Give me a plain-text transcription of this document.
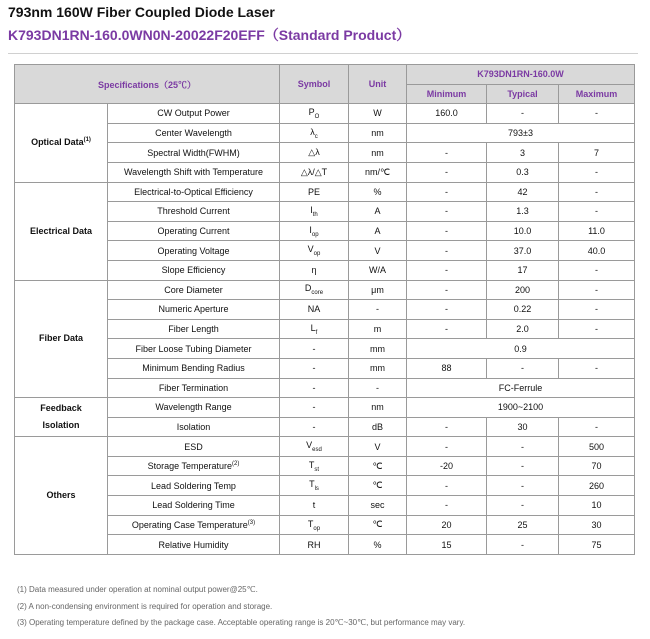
793nm 160W Fiber Coupled Diode Laser
K793DN1RN-160.0WN0N-20022F20EFF（Standard Product）
Specifications（25℃）		Symbol	Unit	K793DN1RN-160.0W		
				Minimum	Typical	Maximum
Optical Data$^{(1)}$	CW Output Power	$P_O$	W	160.0	-	-
	Center Wavelength	$\lambda_c$	nm	793±3		
	Spectral Width(FWHM)	△λ	nm	-	3	7
	Wavelength Shift with Temperature	△λ/△T	nm/℃	-	0.3	-
Electrical Data	Electrical-to-Optical Efficiency	PE	%	-	42	-
	Threshold Current	$I_{th}$	A	-	1.3	-
	Operating Current	$I_{op}$	A	-	10.0	11.0
	Operating Voltage	$V_{op}$	V	-	37.0	40.0
	Slope Efficiency	η	W/A	-	17	-
Fiber Data	Core Diameter	$D_{core}$	μm	-	200	-
	Numeric Aperture	NA	-	-	0.22	-
	Fiber Length	$L_f$	m	-	2.0	-
	Fiber Loose Tubing Diameter	-	mm	0.9		
	Minimum Bending Radius	-	mm	88	-	-
	Fiber Termination	-	-	FC-Ferrule		

Feedback
Isolation	Wavelength Range	-	nm	1900~2100		
	Isolation	-	dB	-	30	-
Others	ESD	$V_{esd}$	V	-	-	500
	Storage Temperature$^{(2)}$	$T_{st}$	℃	-20	-	70
	Lead Soldering Temp	$T_{ls}$	℃	-	-	260
	Lead Soldering Time	t	sec	-	-	10
	Operating Case Temperature$^{(3)}$	$T_{op}$	℃	20	25	30
	Relative Humidity	RH	%	15	-	75
(1) Data measured under operation at nominal output power@25℃.
(2) A non-condensing environment is required for operation and storage.
(3) Operating temperature defined by the package case. Acceptable operating range is 20℃~30℃, but performance may vary.
